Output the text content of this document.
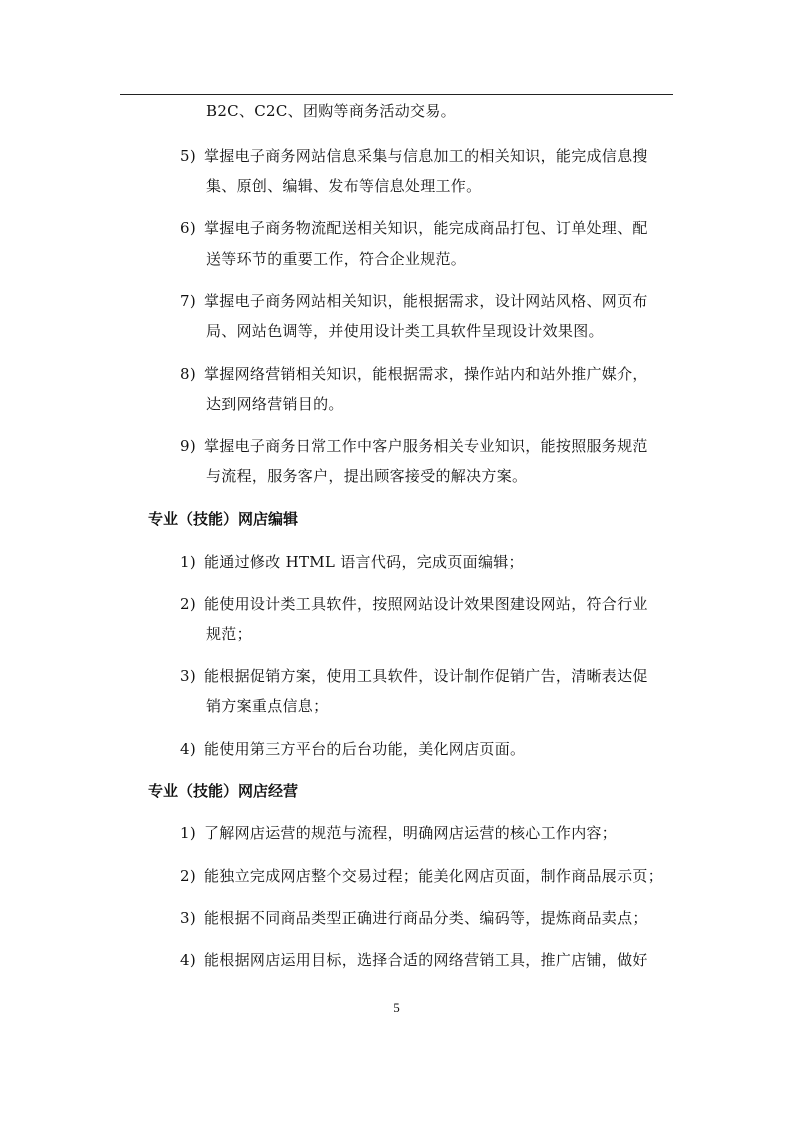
B2C、C2C、团购等商务活动交易。
5) 掌握电子商务网站信息采集与信息加工的相关知识，能完成信息搜
集、原创、编辑、发布等信息处理工作。
6) 掌握电子商务物流配送相关知识，能完成商品打包、订单处理、配
送等环节的重要工作，符合企业规范。
7) 掌握电子商务网站相关知识，能根据需求，设计网站风格、网页布
局、网站色调等，并使用设计类工具软件呈现设计效果图。
8) 掌握网络营销相关知识，能根据需求，操作站内和站外推广媒介，
达到网络营销目的。
9) 掌握电子商务日常工作中客户服务相关专业知识，能按照服务规范
与流程，服务客户，提出顾客接受的解决方案。
专业（技能）网店编辑
1) 能通过修改 HTML 语言代码，完成页面编辑；
2) 能使用设计类工具软件，按照网站设计效果图建设网站，符合行业
规范；
3) 能根据促销方案，使用工具软件，设计制作促销广告，清晰表达促
销方案重点信息；
4) 能使用第三方平台的后台功能，美化网店页面。
专业（技能）网店经营
1) 了解网店运营的规范与流程，明确网店运营的核心工作内容；
2) 能独立完成网店整个交易过程；能美化网店页面，制作商品展示页；
3) 能根据不同商品类型正确进行商品分类、编码等，提炼商品卖点；
4) 能根据网店运用目标，选择合适的网络营销工具，推广店铺，做好
5
